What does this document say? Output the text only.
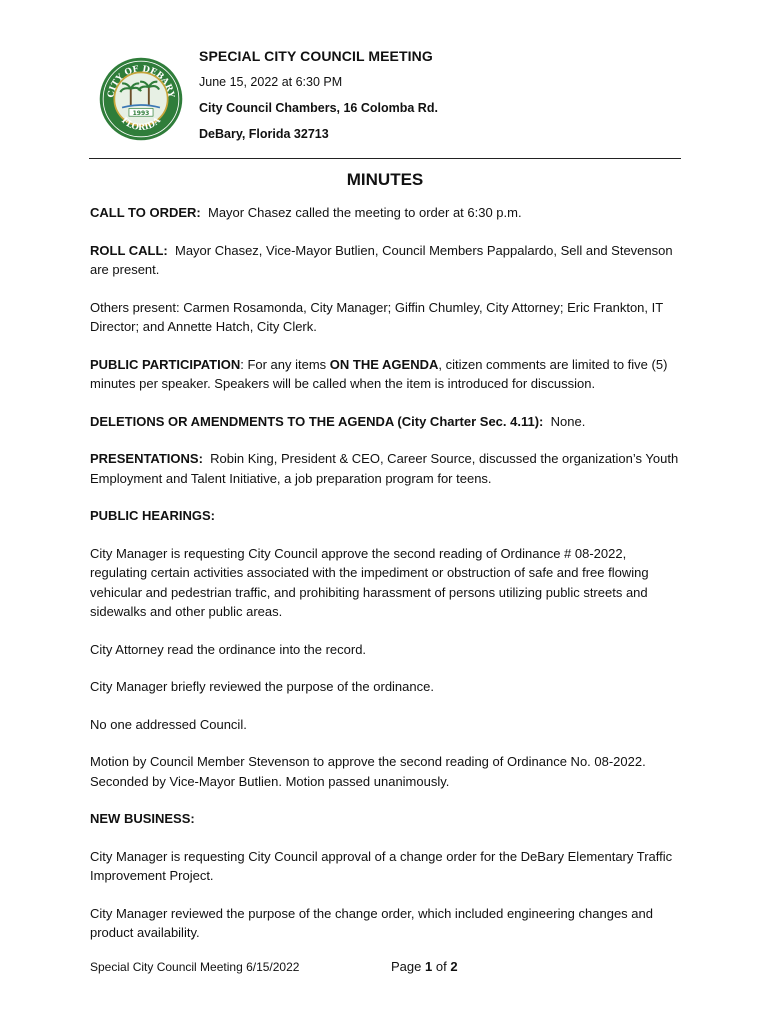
CITY OF DEBARY
FLORIDA
1993
SPECIAL CITY COUNCIL MEETING
June 15, 2022 at 6:30 PM
City Council Chambers, 16 Colomba Rd.
DeBary, Florida 32713
MINUTES

CALL TO ORDER: Mayor Chasez called the meeting to order at 6:30 p.m.

ROLL CALL: Mayor Chasez, Vice-Mayor Butlien, Council Members Pappalardo, Sell and Stevenson are present.

Others present: Carmen Rosamonda, City Manager; Giffin Chumley, City Attorney; Eric Frankton, IT Director; and Annette Hatch, City Clerk.

PUBLIC PARTICIPATION: For any items ON THE AGENDA, citizen comments are limited to five (5) minutes per speaker. Speakers will be called when the item is introduced for discussion.

DELETIONS OR AMENDMENTS TO THE AGENDA (City Charter Sec. 4.11): None.

PRESENTATIONS: Robin King, President & CEO, Career Source, discussed the organization’s Youth Employment and Talent Initiative, a job preparation program for teens.

PUBLIC HEARINGS:

City Manager is requesting City Council approve the second reading of Ordinance # 08-2022, regulating certain activities associated with the impediment or obstruction of safe and free flowing vehicular and pedestrian traffic, and prohibiting harassment of persons utilizing public streets and sidewalks and other public areas.

City Attorney read the ordinance into the record.

City Manager briefly reviewed the purpose of the ordinance.

No one addressed Council.

Motion by Council Member Stevenson to approve the second reading of Ordinance No. 08-2022. Seconded by Vice-Mayor Butlien. Motion passed unanimously.

NEW BUSINESS:

City Manager is requesting City Council approval of a change order for the DeBary Elementary Traffic Improvement Project.

City Manager reviewed the purpose of the change order, which included engineering changes and product availability.

Special City Council Meeting 6/15/2022	Page 1 of 2
